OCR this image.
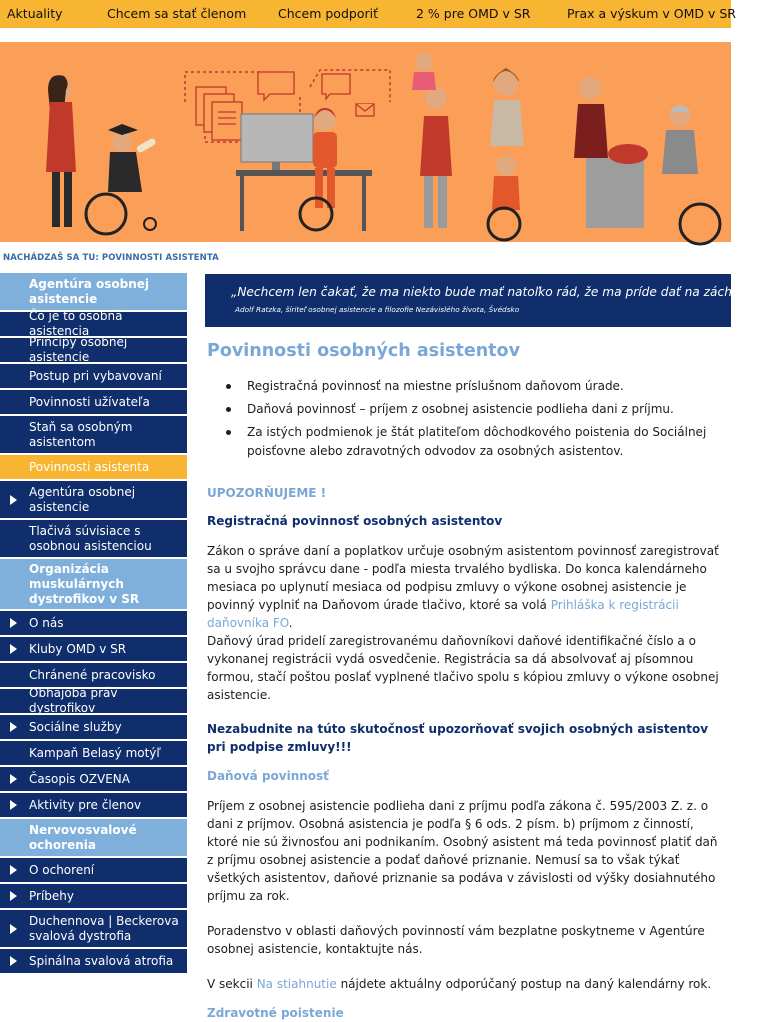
Aktuality	Chcem sa stať členom	Chcem podporiť	2 % pre OMD v SR	Prax a výskum v OMD v SR
NACHÁDZAŠ SA TU: POVINNOSTI ASISTENTA
Agentúra osobnej asistencie
Čo je to osobná asistencia
Princípy osobnej asistencie
Postup pri vybavovaní
Povinnosti užívateľa
Staň sa osobným asistentom
Povinnosti asistenta
Agentúra osobnej asistencie
Tlačivá súvisiace s osobnou asistenciou
Organizácia muskulárnych dystrofikov v SR
O nás
Kluby OMD v SR
Chránené pracovisko
Obhajoba práv dystrofikov
Sociálne služby
Kampaň Belasý motýľ
Časopis OZVENA
Aktivity pre členov
Nervovosvalové ochorenia
O ochorení
Príbehy
Duchennova | Beckerova svalová dystrofia
Spinálna svalová atrofia
„Nechcem len čakať, že ma niekto bude mať natoľko rád, že ma príde dať na záchod.“
Adolf Ratzka, šíriteľ osobnej asistencie a filozofie Nezávislého života, Švédsko
Povinnosti osobných asistentov
Registračná povinnosť na miestne príslušnom daňovom úrade.
Daňová povinnosť – príjem z osobnej asistencie podlieha dani z príjmu.
Za istých podmienok je štát platiteľom dôchodkového poistenia do Sociálnej poisťovne alebo zdravotných odvodov za osobných asistentov.
UPOZORŇUJEME !
Registračná povinnosť osobných asistentov

Zákon o správe daní a poplatkov určuje osobným asistentom povinnosť zaregistrovať sa u svojho správcu dane - podľa miesta trvalého bydliska. Do konca kalendárneho mesiaca po uplynutí mesiaca od podpisu zmluvy o výkone osobnej asistencie je povinný vyplniť na Daňovom úrade tlačivo, ktoré sa volá Prihláška k registrácii daňovníka FO.
Daňový úrad pridelí zaregistrovanému daňovníkovi daňové identifikačné číslo a o vykonanej registrácii vydá osvedčenie. Registrácia sa dá absolvovať aj písomnou formou, stačí poštou poslať vyplnené tlačivo spolu s kópiou zmluvy o výkone osobnej asistencie.

Nezabudnite na túto skutočnosť upozorňovať svojich osobných asistentov pri podpise zmluvy!!!
Daňová povinnosť

Príjem z osobnej asistencie podlieha dani z príjmu podľa zákona č. 595/2003 Z. z. o dani z príjmov. Osobná asistencia je podľa § 6 ods. 2 písm. b) príjmom z činností, ktoré nie sú živnosťou ani podnikaním. Osobný asistent má teda povinnosť platiť daň z príjmu osobnej asistencie a podať daňové priznanie. Nemusí sa to však týkať všetkých asistentov, daňové priznanie sa podáva v závislosti od výšky dosiahnutého príjmu za rok.

Poradenstvo v oblasti daňových povinností vám bezplatne poskytneme v Agentúre osobnej asistencie, kontaktujte nás.

V sekcii Na stiahnutie nájdete aktuálny odporúčaný postup na daný kalendárny rok.

Zdravotné poistenie
